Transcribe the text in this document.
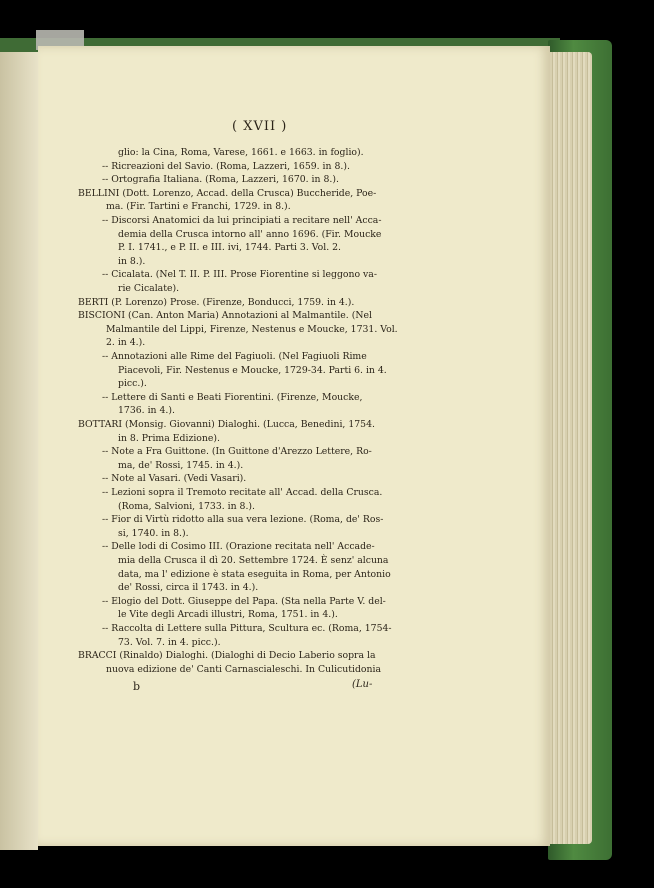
( XVII )
glio: la Cina, Roma, Varese, 1661. e 1663. in foglio).
-- Ricreazioni del Savio. (Roma, Lazzeri, 1659. in 8.).
-- Ortografia Italiana. (Roma, Lazzeri, 1670. in 8.).
BELLINI (Dott. Lorenzo, Accad. della Crusca) Buccheride, Poe-
ma. (Fir. Tartini e Franchi, 1729. in 8.).
-- Discorsi Anatomici da lui principiati a recitare nell' Acca-
demia della Crusca intorno all' anno 1696. (Fir. Moucke
P. I. 1741., e P. II. e III. ivi, 1744. Parti 3. Vol. 2.
in 8.).
-- Cicalata. (Nel T. II. P. III. Prose Fiorentine si leggono va-
rie Cicalate).
BERTI (P. Lorenzo) Prose. (Firenze, Bonducci, 1759. in 4.).
BISCIONI (Can. Anton Maria) Annotazioni al Malmantile. (Nel
Malmantile del Lippi, Firenze, Nestenus e Moucke, 1731. Vol.
2. in 4.).
-- Annotazioni alle Rime del Fagiuoli. (Nel Fagiuoli Rime
Piacevoli, Fir. Nestenus e Moucke, 1729-34. Parti 6. in 4.
picc.).
-- Lettere di Santi e Beati Fiorentini. (Firenze, Moucke,
1736. in 4.).
BOTTARI (Monsig. Giovanni) Dialoghi. (Lucca, Benedini, 1754.
in 8. Prima Edizione).
-- Note a Fra Guittone. (In Guittone d'Arezzo Lettere, Ro-
ma, de' Rossi, 1745. in 4.).
-- Note al Vasari. (Vedi Vasari).
-- Lezioni sopra il Tremoto recitate all' Accad. della Crusca.
(Roma, Salvioni, 1733. in 8.).
-- Fior di Virtù ridotto alla sua vera lezione. (Roma, de' Ros-
si, 1740. in 8.).
-- Delle lodi di Cosimo III. (Orazione recitata nell' Accade-
mia della Crusca il dì 20. Settembre 1724. È senz' alcuna
data, ma l' edizione è stata eseguita in Roma, per Antonio
de' Rossi, circa il 1743. in 4.).
-- Elogio del Dott. Giuseppe del Papa. (Sta nella Parte V. del-
le Vite degli Arcadi illustri, Roma, 1751. in 4.).
-- Raccolta di Lettere sulla Pittura, Scultura ec. (Roma, 1754-
73. Vol. 7. in 4. picc.).
BRACCI (Rinaldo) Dialoghi. (Dialoghi di Decio Laberio sopra la
nuova edizione de' Canti Carnascialeschi. In Culicutidonia
b	(Lu-
